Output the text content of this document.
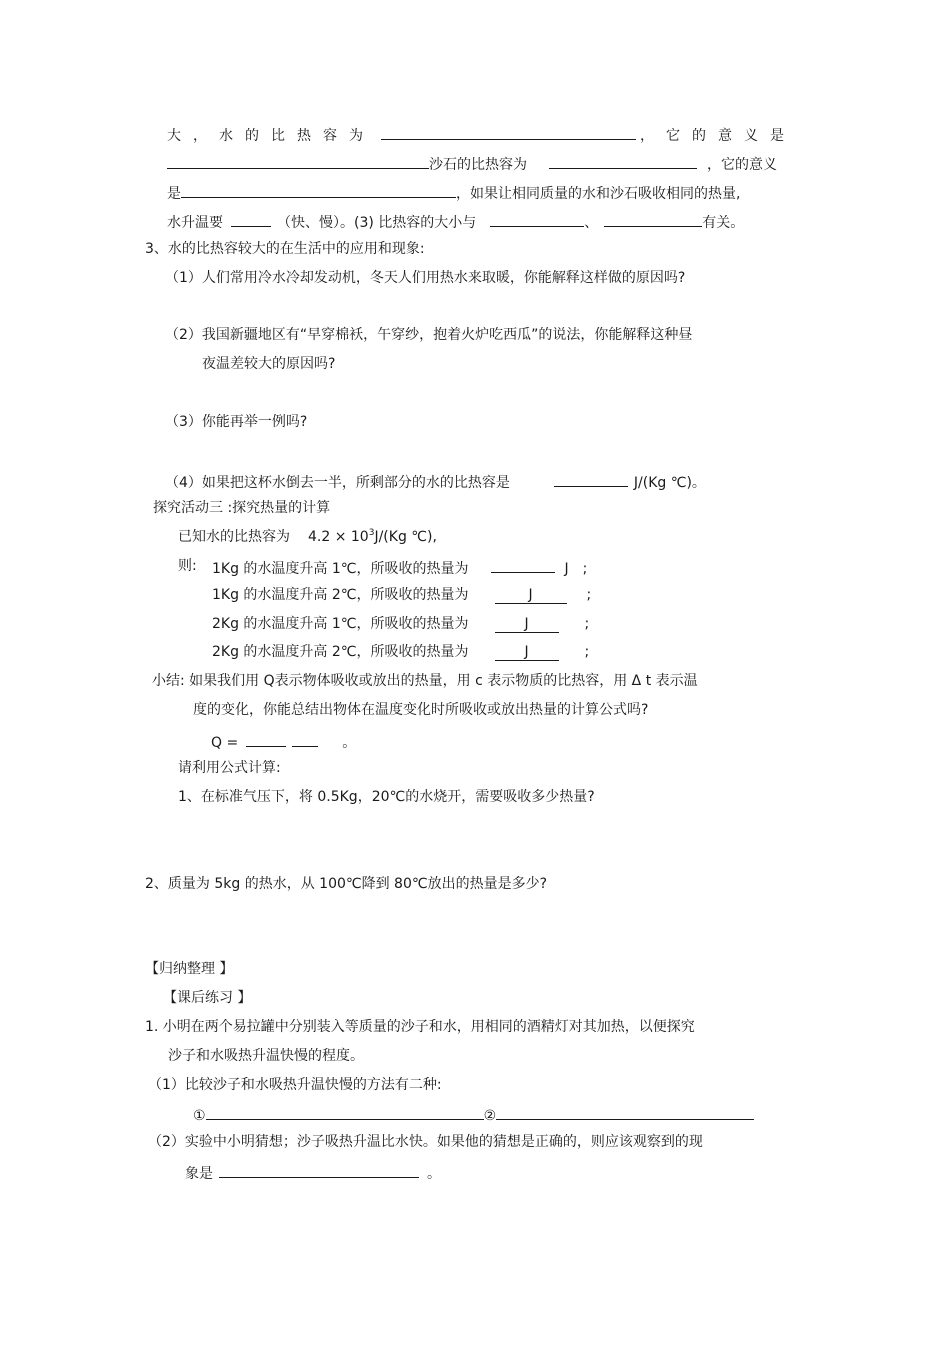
大，水的比热容为	，它的意义是
沙石的比热容为	，它的意义
是	，如果让相同质量的水和沙石吸收相同的热量,
水升温要	（快、慢）。(3) 比热容的大小与	、	有关。
3、水的比热容较大的在生活中的应用和现象:
（1）人们常用冷水冷却发动机，冬天人们用热水来取暖，你能解释这样做的原因吗?
（2）我国新疆地区有“早穿棉袄，午穿纱，抱着火炉吃西瓜”的说法，你能解释这种昼
夜温差较大的原因吗?
（3）你能再举一例吗?
（4）如果把这杯水倒去一半，所剩部分的水的比热容是	J/(Kg ℃)。
探究活动三 :探究热量的计算
已知水的比热容为 $4.2 \times 10^3J/(Kg$ ℃),
则: 1Kg 的水温度升高 1℃，所吸收的热量为	J ;
1Kg 的水温度升高 2℃，所吸收的热量为	J	;
2Kg 的水温度升高 1℃，所吸收的热量为	J	;
2Kg 的水温度升高 2℃，所吸收的热量为	J	;
小结: 如果我们用 Q表示物体吸收或放出的热量，用 c 表示物质的比热容，用 Δ t 表示温
度的变化，你能总结出物体在温度变化时所吸收或放出热量的计算公式吗?
Q =	。
请利用公式计算:
1、在标准气压下，将 0.5Kg，20℃的水烧开，需要吸收多少热量?
2、质量为 5kg 的热水，从 100℃降到 80℃放出的热量是多少?
【归纳整理 】
【课后练习 】
1. 小明在两个易拉罐中分别装入等质量的沙子和水，用相同的酒精灯对其加热，以便探究
沙子和水吸热升温快慢的程度。
（1）比较沙子和水吸热升温快慢的方法有二种:
①	②
（2）实验中小明猜想；沙子吸热升温比水快。如果他的猜想是正确的，则应该观察到的现
象是	。
